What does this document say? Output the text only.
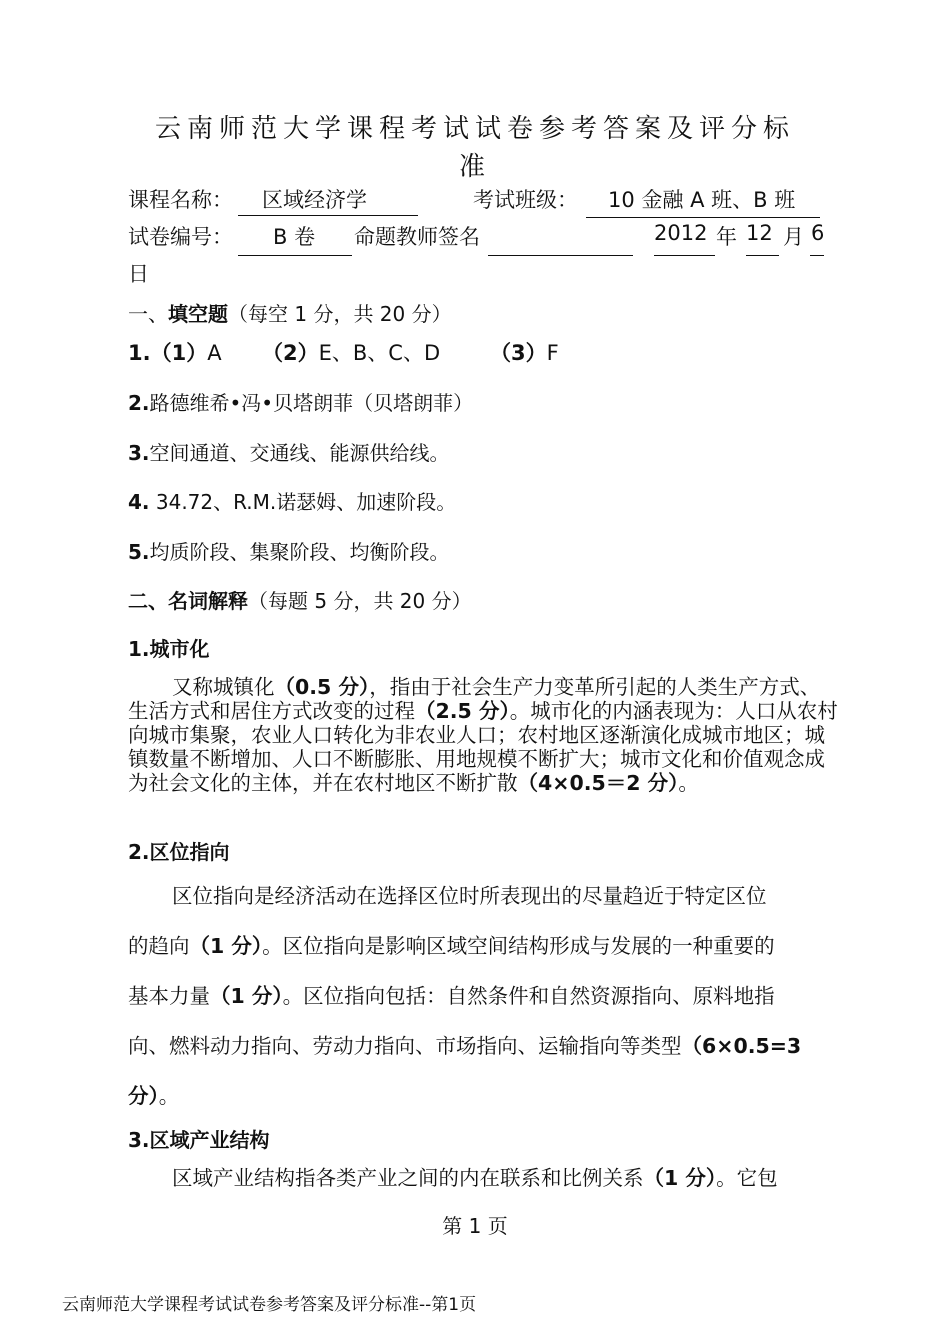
云南师范大学课程考试试卷参考答案及评分标
准
课程名称： 区域经济学	考试班级： 10 金融 A 班、B 班
试卷编号： B 卷 命题教师签名	2012 年 12 月 6
日
一、填空题（每空 1 分，共 20 分）
1.（1）A （2）E、B、C、D （3）F
2.路德维希•冯•贝塔朗菲（贝塔朗菲）
3.空间通道、交通线、能源供给线。
4. 34.72、R.M.诺瑟姆、加速阶段。
5.均质阶段、集聚阶段、均衡阶段。
二、名词解释（每题 5 分，共 20 分）
1.城市化
又称城镇化（0.5 分），指由于社会生产力变革所引起的人类生产方式、生活方式和居住方式改变的过程（2.5 分）。城市化的内涵表现为：人口从农村向城市集聚，农业人口转化为非农业人口；农村地区逐渐演化成城市地区；城镇数量不断增加、人口不断膨胀、用地规模不断扩大；城市文化和价值观念成为社会文化的主体，并在农村地区不断扩散（4×0.5＝2 分）。
2.区位指向
区位指向是经济活动在选择区位时所表现出的尽量趋近于特定区位
的趋向（1 分）。区位指向是影响区域空间结构形成与发展的一种重要的
基本力量（1 分）。区位指向包括：自然条件和自然资源指向、原料地指
向、燃料动力指向、劳动力指向、市场指向、运输指向等类型（6×0.5=3
分）。
3.区域产业结构
区域产业结构指各类产业之间的内在联系和比例关系（1 分）。它包
第 1 页
云南师范大学课程考试试卷参考答案及评分标准--第1页
